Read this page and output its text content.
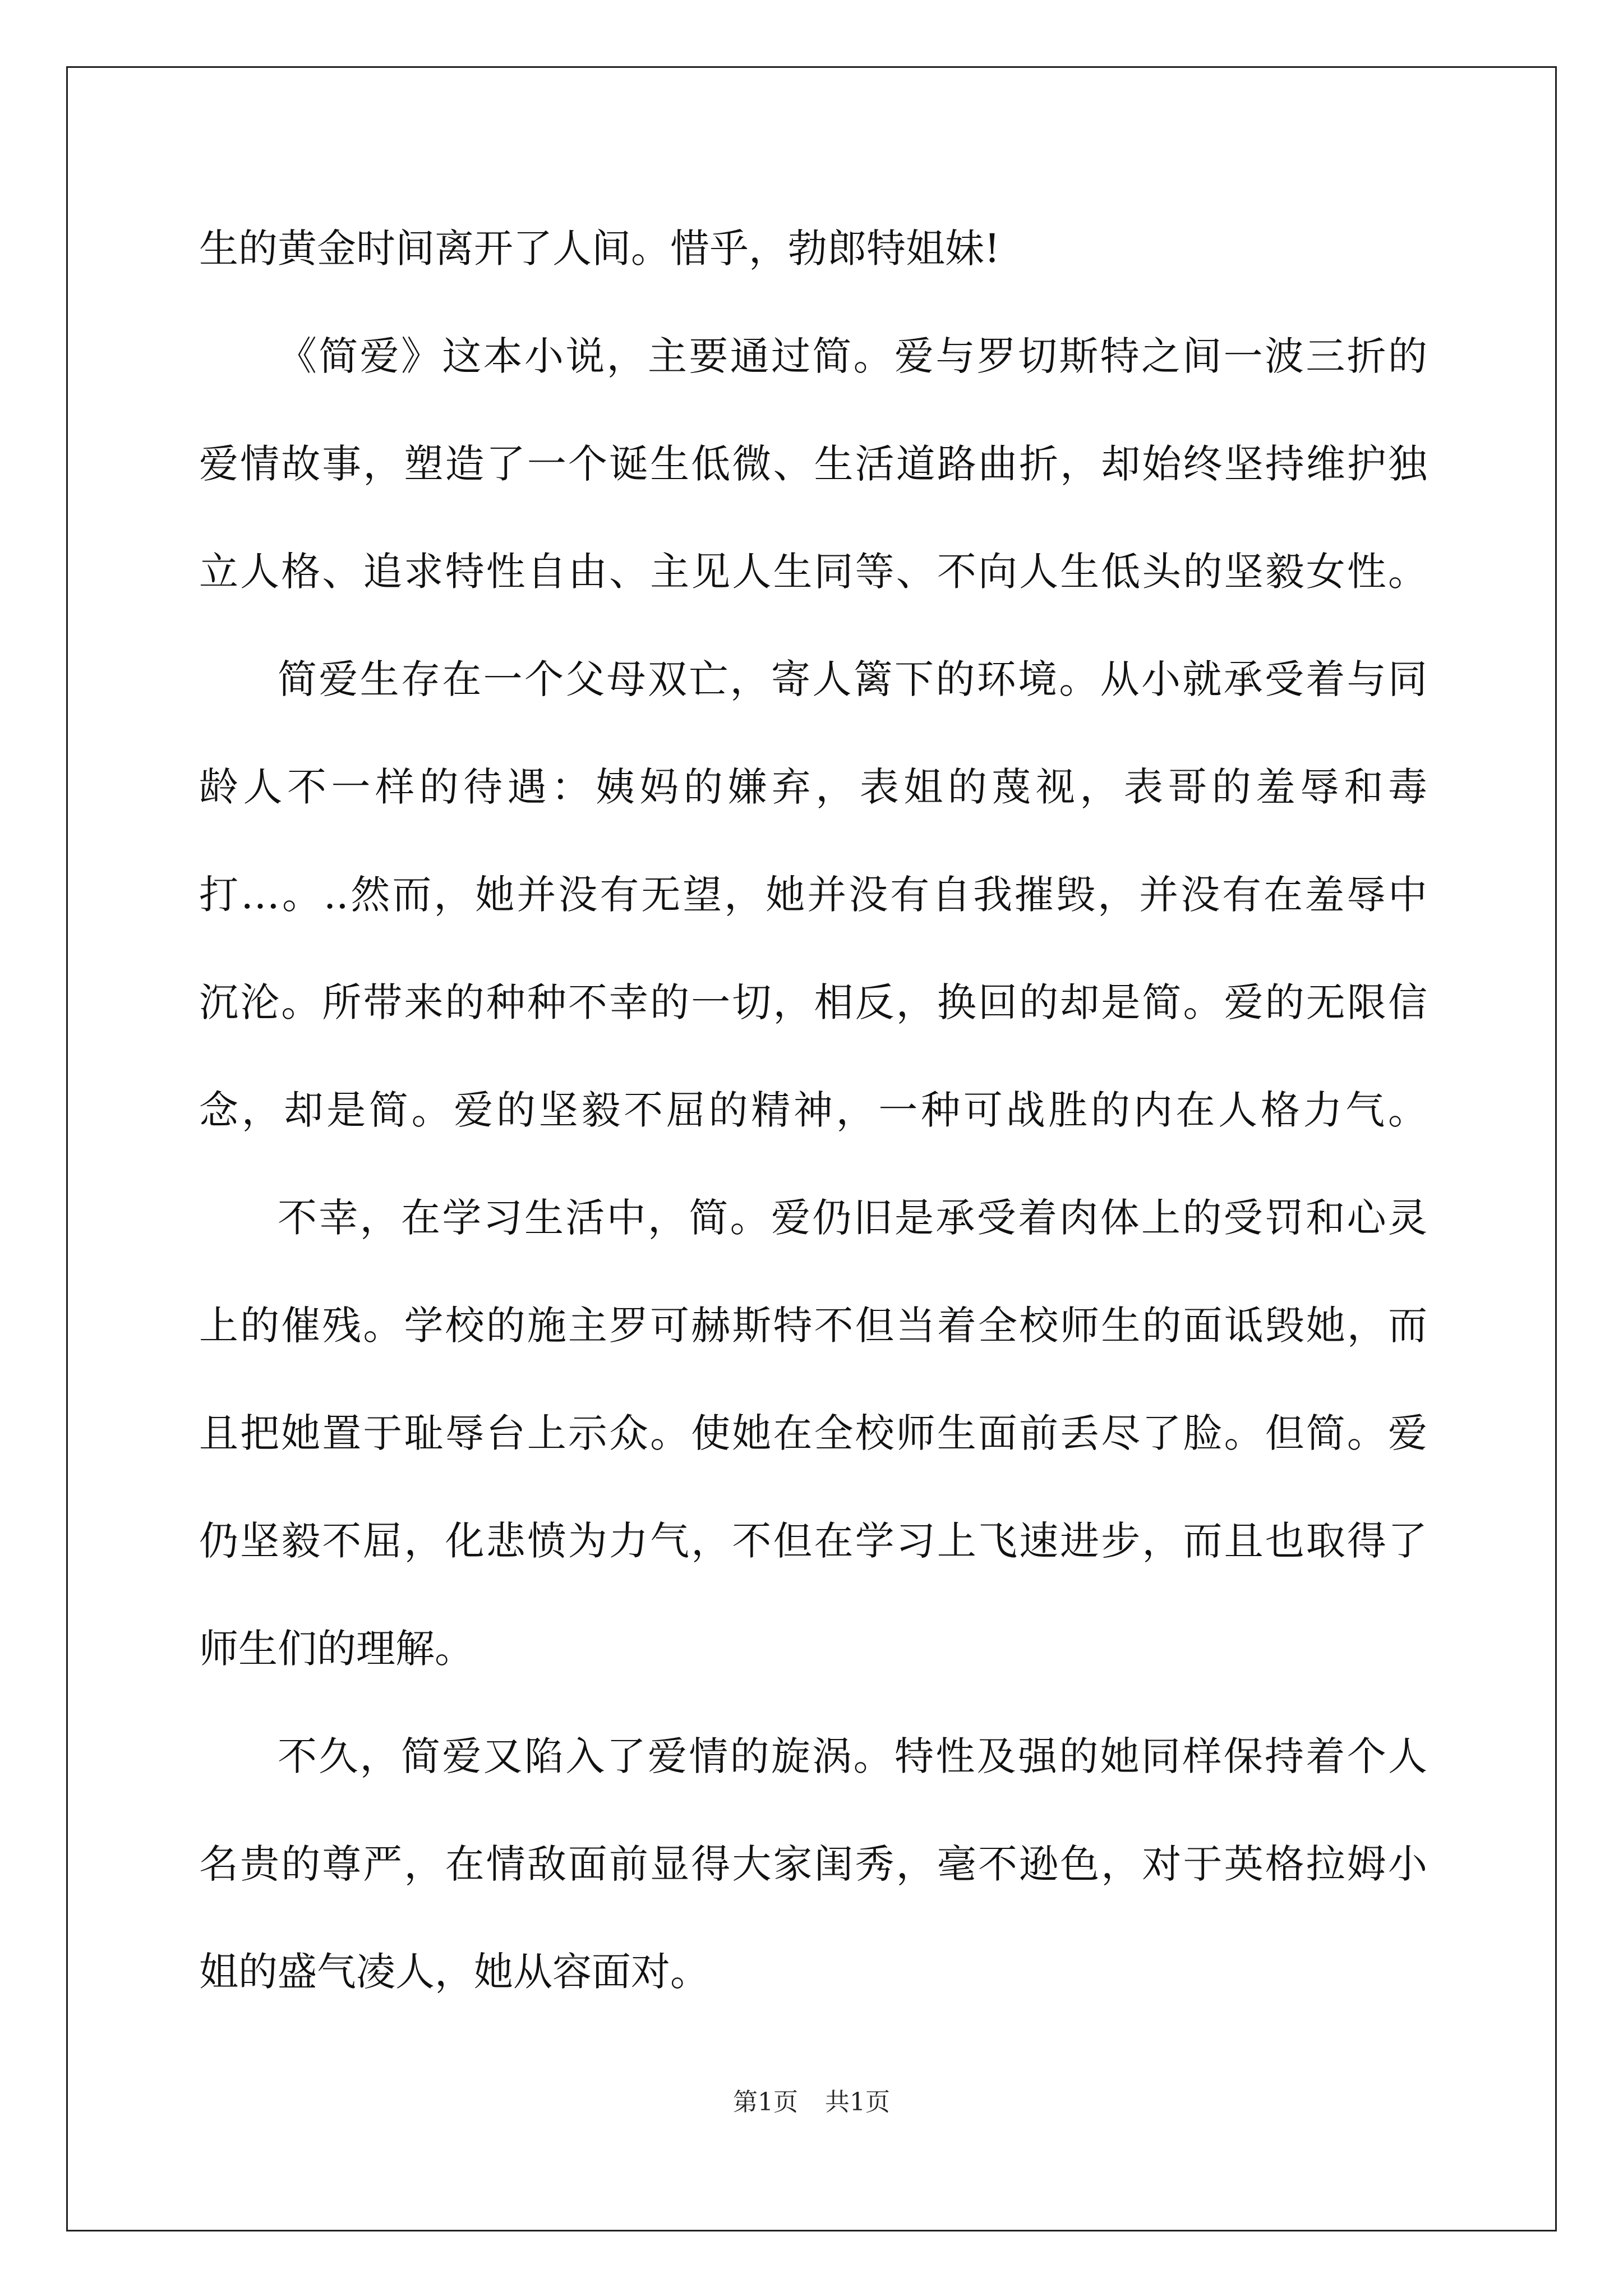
生的黄金时间离开了人间。惜乎，勃郎特姐妹!
《简爱》这本小说，主要通过简。爱与罗切斯特之间一波三折的
爱情故事，塑造了一个诞生低微、生活道路曲折，却始终坚持维护独
立人格、追求特性自由、主见人生同等、不向人生低头的坚毅女性。
简爱生存在一个父母双亡，寄人篱下的环境。从小就承受着与同
龄人不一样的待遇：姨妈的嫌弃，表姐的蔑视，表哥的羞辱和毒
打…。..然而，她并没有无望，她并没有自我摧毁，并没有在羞辱中
沉沦。所带来的种种不幸的一切，相反，换回的却是简。爱的无限信
念，却是简。爱的坚毅不屈的精神，一种可战胜的内在人格力气。
不幸，在学习生活中，简。爱仍旧是承受着肉体上的受罚和心灵
上的催残。学校的施主罗可赫斯特不但当着全校师生的面诋毁她，而
且把她置于耻辱台上示众。使她在全校师生面前丢尽了脸。但简。爱
仍坚毅不屈，化悲愤为力气，不但在学习上飞速进步，而且也取得了
师生们的理解。
不久，简爱又陷入了爱情的旋涡。特性及强的她同样保持着个人
名贵的尊严，在情敌面前显得大家闺秀，毫不逊色，对于英格拉姆小
姐的盛气凌人，她从容面对。
第1页 共1页
